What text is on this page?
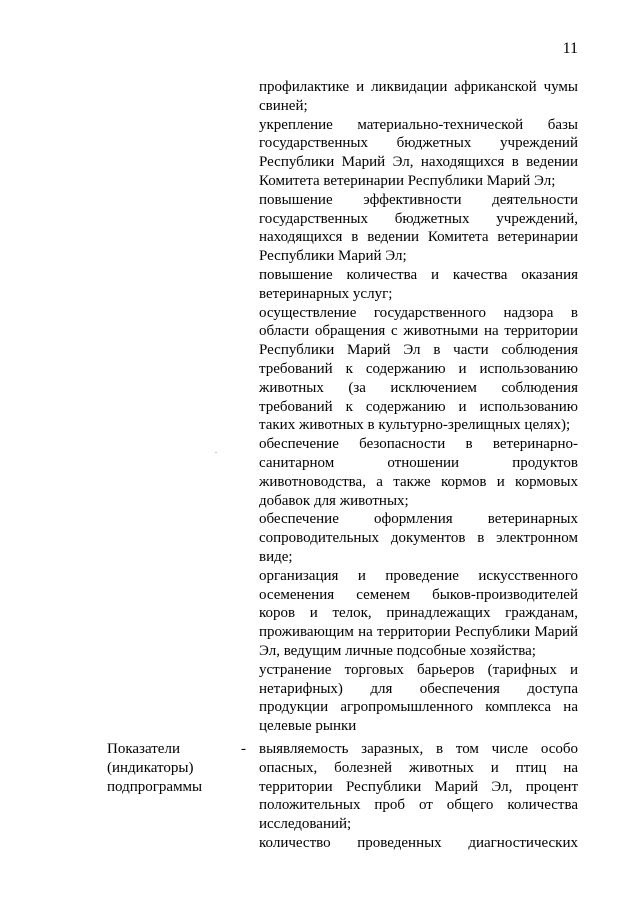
11

профилактике и ликвидации африканской чумы свиней;

укрепление материально-технической базы государственных бюджетных учреждений Республики Марий Эл, находящихся в ведении Комитета ветеринарии Республики Марий Эл;

повышение эффективности деятельности государственных бюджетных учреждений, находящихся в ведении Комитета ветеринарии Республики Марий Эл;

повышение количества и качества оказания ветеринарных услуг;

осуществление государственного надзора в области обращения с животными на территории Республики Марий Эл в части соблюдения требований к содержанию и использованию животных (за исключением соблюдения требований к содержанию и использованию таких животных в культурно-зрелищных целях);

обеспечение безопасности в ветеринарно-санитарном отношении продуктов животноводства, а также кормов и кормовых добавок для животных;

обеспечение оформления ветеринарных сопроводительных документов в электронном виде;

организация и проведение искусственного осеменения семенем быков-производителей коров и телок, принадлежащих гражданам, проживающим на территории Республики Марий Эл, ведущим личные подсобные хозяйства;

устранение торговых барьеров (тарифных и нетарифных) для обеспечения доступа продукции агропромышленного комплекса на целевые рынки

Показатели
(индикаторы)
подпрограммы
- выявляемость заразных, в том числе особо опасных, болезней животных и птиц на территории Республики Марий Эл, процент положительных проб от общего количества исследований;

количество проведенных диагностических
